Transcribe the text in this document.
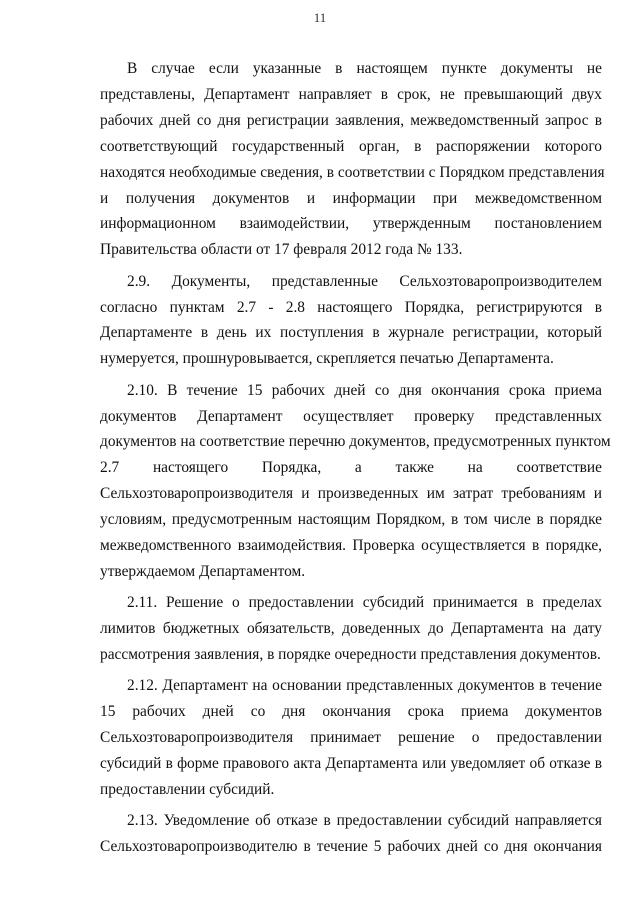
11

В случае если указанные в настоящем пункте документы не
представлены, Департамент направляет в срок, не превышающий двух
рабочих дней со дня регистрации заявления, межведомственный запрос в
соответствующий государственный орган, в распоряжении которого
находятся необходимые сведения, в соответствии с Порядком представления
и получения документов и информации при межведомственном
информационном взаимодействии, утвержденным постановлением
Правительства области от 17 февраля 2012 года № 133.

2.9. Документы, представленные Сельхозтоваропроизводителем
согласно пунктам 2.7 - 2.8 настоящего Порядка, регистрируются в
Департаменте в день их поступления в журнале регистрации, который
нумеруется, прошнуровывается, скрепляется печатью Департамента.

2.10. В течение 15 рабочих дней со дня окончания срока приема
документов Департамент осуществляет проверку представленных
документов на соответствие перечню документов, предусмотренных пунктом
2.7 настоящего Порядка, а также на соответствие
Сельхозтоваропроизводителя и произведенных им затрат требованиям и
условиям, предусмотренным настоящим Порядком, в том числе в порядке
межведомственного взаимодействия. Проверка осуществляется в порядке,
утверждаемом Департаментом.

2.11. Решение о предоставлении субсидий принимается в пределах
лимитов бюджетных обязательств, доведенных до Департамента на дату
рассмотрения заявления, в порядке очередности представления документов.

2.12. Департамент на основании представленных документов в течение
15 рабочих дней со дня окончания срока приема документов
Сельхозтоваропроизводителя принимает решение о предоставлении
субсидий в форме правового акта Департамента или уведомляет об отказе в
предоставлении субсидий.

2.13. Уведомление об отказе в предоставлении субсидий направляется
Сельхозтоваропроизводителю в течение 5 рабочих дней со дня окончания
